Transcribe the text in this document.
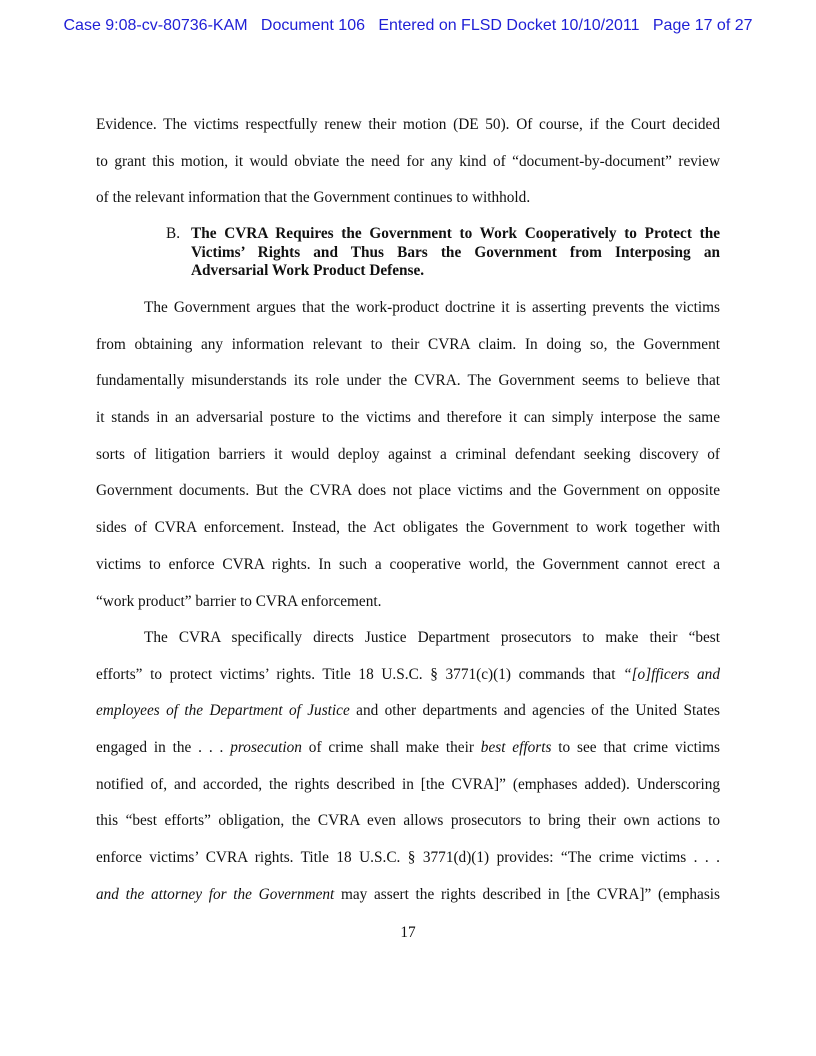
Case 9:08-cv-80736-KAM Document 106 Entered on FLSD Docket 10/10/2011 Page 17 of 27
Evidence. The victims respectfully renew their motion (DE 50). Of course, if the Court decided
to grant this motion, it would obviate the need for any kind of “document-by-document” review
of the relevant information that the Government continues to withhold.
B. The CVRA Requires the Government to Work Cooperatively to Protect the
Victims’ Rights and Thus Bars the Government from Interposing an
Adversarial Work Product Defense.
The Government argues that the work-product doctrine it is asserting prevents the victims
from obtaining any information relevant to their CVRA claim. In doing so, the Government
fundamentally misunderstands its role under the CVRA. The Government seems to believe that
it stands in an adversarial posture to the victims and therefore it can simply interpose the same
sorts of litigation barriers it would deploy against a criminal defendant seeking discovery of
Government documents. But the CVRA does not place victims and the Government on opposite
sides of CVRA enforcement. Instead, the Act obligates the Government to work together with
victims to enforce CVRA rights. In such a cooperative world, the Government cannot erect a
“work product” barrier to CVRA enforcement.
The CVRA specifically directs Justice Department prosecutors to make their “best
efforts” to protect victims’ rights. Title 18 U.S.C. § 3771(c)(1) commands that “[o]fficers and
employees of the Department of Justice and other departments and agencies of the United States
engaged in the . . . prosecution of crime shall make their best efforts to see that crime victims
notified of, and accorded, the rights described in [the CVRA]” (emphases added). Underscoring
this “best efforts” obligation, the CVRA even allows prosecutors to bring their own actions to
enforce victims’ CVRA rights. Title 18 U.S.C. § 3771(d)(1) provides: “The crime victims . . .
and the attorney for the Government may assert the rights described in [the CVRA]” (emphasis
17
